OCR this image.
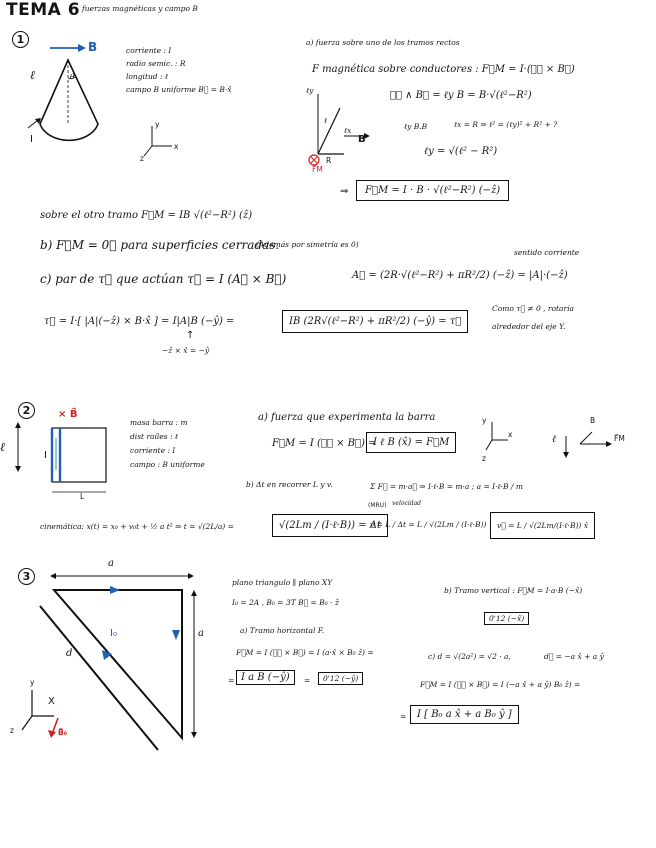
TEMA 6 fuerzas magnéticas y campo B
1
B
ℓ	θ
I
y
x
z
corriente : I
radio semic. : R
longitud : ℓ
campo B uniforme B⃗ = B·x̂
a) fuerza sobre uno de los tramos rectos
F magnética sobre conductores : F⃗M = I·(ℓ⃗ × B⃗)
ℓy
ℓ
ℓx
R
B
F⃗M
ℓ⃗ ∧ B⃗ = ℓy B = B·√(ℓ²−R²)
ℓy B.B	ℓx = R ⇒ ℓ² = (ℓy)² + R² + ?
ℓy = √(ℓ² − R²)
⇒	F⃗M = I · B · √(ℓ²−R²) (−ẑ)
sobre el otro tramo F⃗M = IB √(ℓ²−R²) (ẑ)
b) F⃗M = 0⃗ para superficies cerradas.
(Además por simetría es 0)
c) par de τ⃗ que actúan τ⃗ = I (A⃗ × B⃗)
sentido corriente
A⃗ = (2R·√(ℓ²−R²) + πR²/2) (−ẑ) = |A|·(−ẑ)
τ⃗ = I·[ |A|(−ẑ) × B·x̂ ] = I|A|B (−ŷ) =	IB (2R√(ℓ²−R²) + πR²/2) (−ŷ) = τ⃗
↑
−ẑ × x̂ = −ŷ
Como τ⃗ ≠ 0 , rotaría
alrededor del eje Y.
2	× B⃗
I
L
ℓ
masa barra : m
dist raíles : ℓ
corriente : I
campo : B uniforme
a) fuerza que experimenta la barra
F⃗M = I (ℓ⃗ × B⃗) =
I ℓ B (x̂) = F⃗M
y
x
z
ℓ
B
F⃗M
b) Δt en recorrer L y v.	Σ F⃗ = m·a⃗ ⇒ I·ℓ·B = m·a ; a = I·ℓ·B / m
cinemática: x(t) = x₀ + v₀t + ½ a t² ⇒ t = √(2L/a) =	√(2Lm / (I·ℓ·B)) = Δt
(MRU) velocidad
v = L / Δt = L / √(2Lm / (I·ℓ·B))	v⃗ = L / √(2Lm/(I·ℓ·B)) x̂
3
a
a
d
I₀
y
X
z	B⃗₀
plano triangulo ∥ plano XY
I₀ = 2A , B₀ = 3T B⃗ = B₀ · ẑ
a) Tramo horizontal F.
F⃗M = I (ℓ⃗ × B⃗) = I (a·x̂ × B₀ ẑ) =
= I a B (−ŷ)	=	0'12 (−ŷ)
b) Tramo vertical : F⃗M = I·a·B (−x̂)
0'12 (−x̂)
c) d = √(2a²) = √2 · a,	d⃗ = −a x̂ + a ŷ
F⃗M = I (ℓ⃗ × B⃗) = I (−a x̂ + a ŷ) B₀ ẑ) =
=	I [ B₀ a x̂ + a B₀ ŷ ]
